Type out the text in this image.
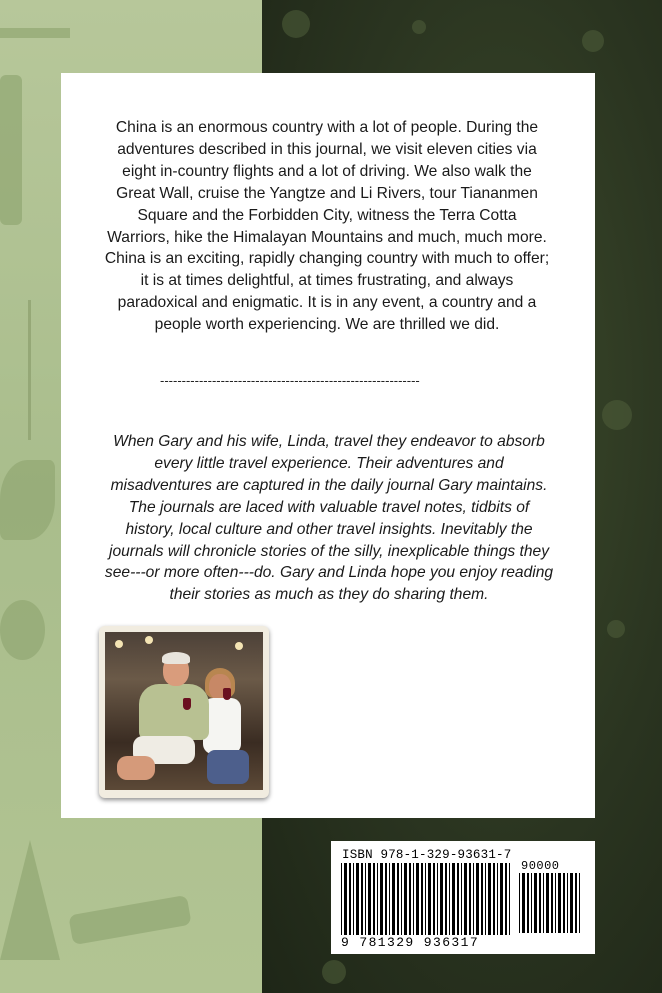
China is an enormous country with a lot of people. During the adventures described in this journal, we visit eleven cities via eight in-country flights and a lot of driving. We also walk the Great Wall, cruise the Yangtze and Li Rivers, tour Tiananmen Square and the Forbidden City, witness the Terra Cotta Warriors, hike the Himalayan Mountains and much, much more. China is an exciting, rapidly changing country with much to offer; it is at times delightful, at times frustrating, and always paradoxical and enigmatic. It is in any event, a country and a people worth experiencing. We are thrilled we did.

------------------------------------------------------------

When Gary and his wife, Linda, travel they endeavor to absorb every little travel experience. Their adventures and misadventures are captured in the daily journal Gary maintains. The journals are laced with valuable travel notes, tidbits of history, local culture and other travel insights. Inevitably the journals will chronicle stories of the silly, inexplicable things they see---or more often---do. Gary and Linda hope you enjoy reading their stories as much as they do sharing them.

ISBN 978-1-329-93631-7
90000
9 781329 936317
